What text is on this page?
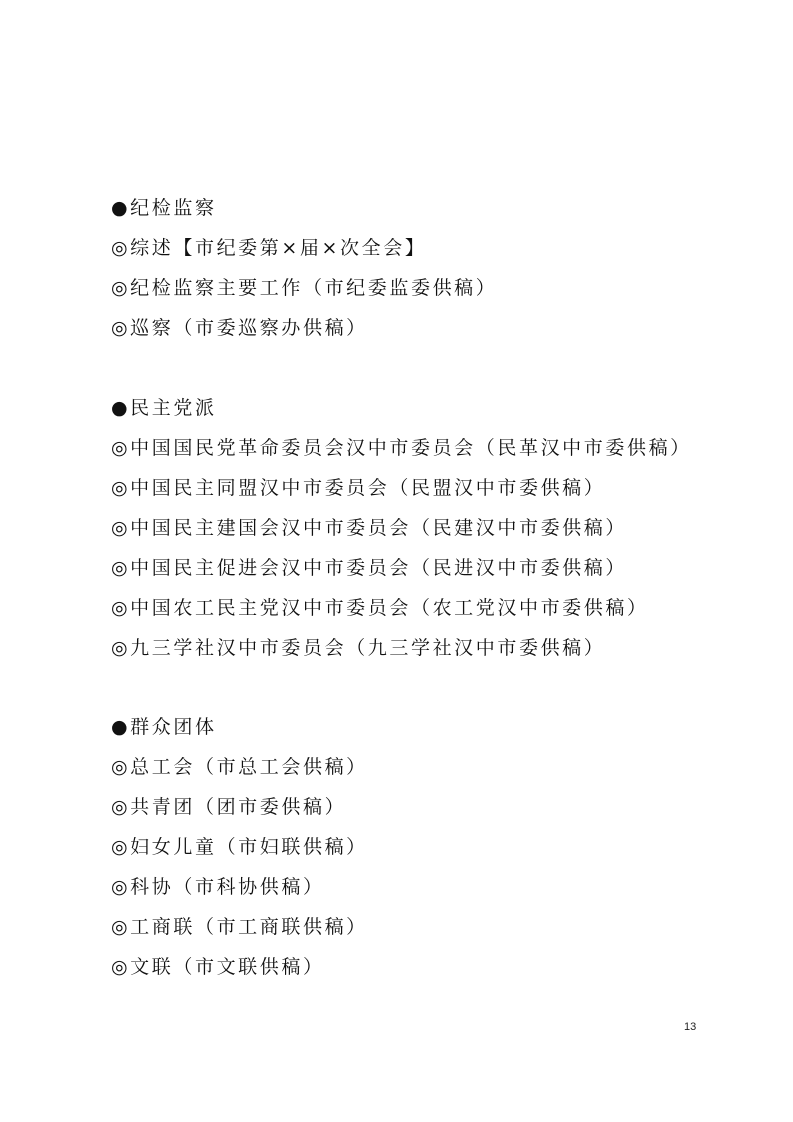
●纪检监察
◎综述【市纪委第×届×次全会】
◎纪检监察主要工作（市纪委监委供稿）
◎巡察（市委巡察办供稿）
●民主党派
◎中国国民党革命委员会汉中市委员会（民革汉中市委供稿）
◎中国民主同盟汉中市委员会（民盟汉中市委供稿）
◎中国民主建国会汉中市委员会（民建汉中市委供稿）
◎中国民主促进会汉中市委员会（民进汉中市委供稿）
◎中国农工民主党汉中市委员会（农工党汉中市委供稿）
◎九三学社汉中市委员会（九三学社汉中市委供稿）
●群众团体
◎总工会（市总工会供稿）
◎共青团（团市委供稿）
◎妇女儿童（市妇联供稿）
◎科协（市科协供稿）
◎工商联（市工商联供稿）
◎文联（市文联供稿）
13
